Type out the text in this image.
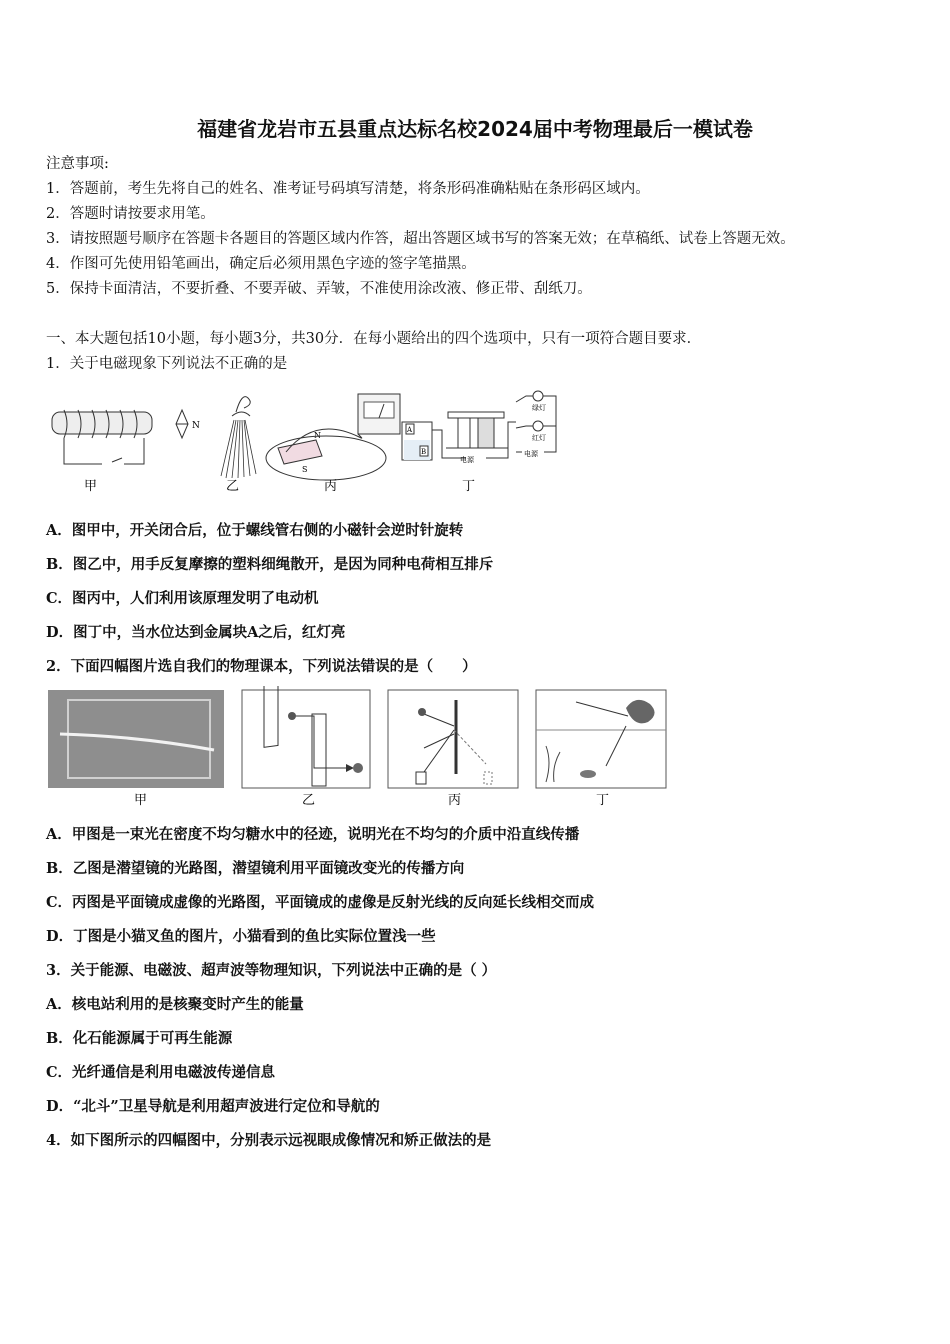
福建省龙岩市五县重点达标名校2024届中考物理最后一模试卷
注意事项:
1．答题前，考生先将自己的姓名、准考证号码填写清楚，将条形码准确粘贴在条形码区域内。
2．答题时请按要求用笔。
3．请按照题号顺序在答题卡各题目的答题区域内作答，超出答题区域书写的答案无效；在草稿纸、试卷上答题无效。
4．作图可先使用铅笔画出，确定后必须用黑色字迹的签字笔描黑。
5．保持卡面清洁，不要折叠、不要弄破、弄皱，不准使用涂改液、修正带、刮纸刀。
一、本大题包括10小题，每小题3分，共30分．在每小题给出的四个选项中，只有一项符合题目要求．
1．关于电磁现象下列说法不正确的是
N
N
S
A
B
电源
绿灯
红灯
电源
甲	乙	丙	丁
A．图甲中，开关闭合后，位于螺线管右侧的小磁针会逆时针旋转
B．图乙中，用手反复摩擦的塑料细绳散开，是因为同种电荷相互排斥
C．图丙中，人们利用该原理发明了电动机
D．图丁中，当水位达到金属块A之后，红灯亮
2．下面四幅图片选自我们的物理课本，下列说法错误的是（　　）
甲	乙	丙	丁
A．甲图是一束光在密度不均匀糖水中的径迹，说明光在不均匀的介质中沿直线传播
B．乙图是潜望镜的光路图，潜望镜利用平面镜改变光的传播方向
C．丙图是平面镜成虚像的光路图，平面镜成的虚像是反射光线的反向延长线相交而成
D．丁图是小猫叉鱼的图片，小猫看到的鱼比实际位置浅一些
3．关于能源、电磁波、超声波等物理知识，下列说法中正确的是（ ）
A．核电站利用的是核聚变时产生的能量
B．化石能源属于可再生能源
C．光纤通信是利用电磁波传递信息
D．“北斗”卫星导航是利用超声波进行定位和导航的
4．如下图所示的四幅图中，分别表示远视眼成像情况和矫正做法的是
